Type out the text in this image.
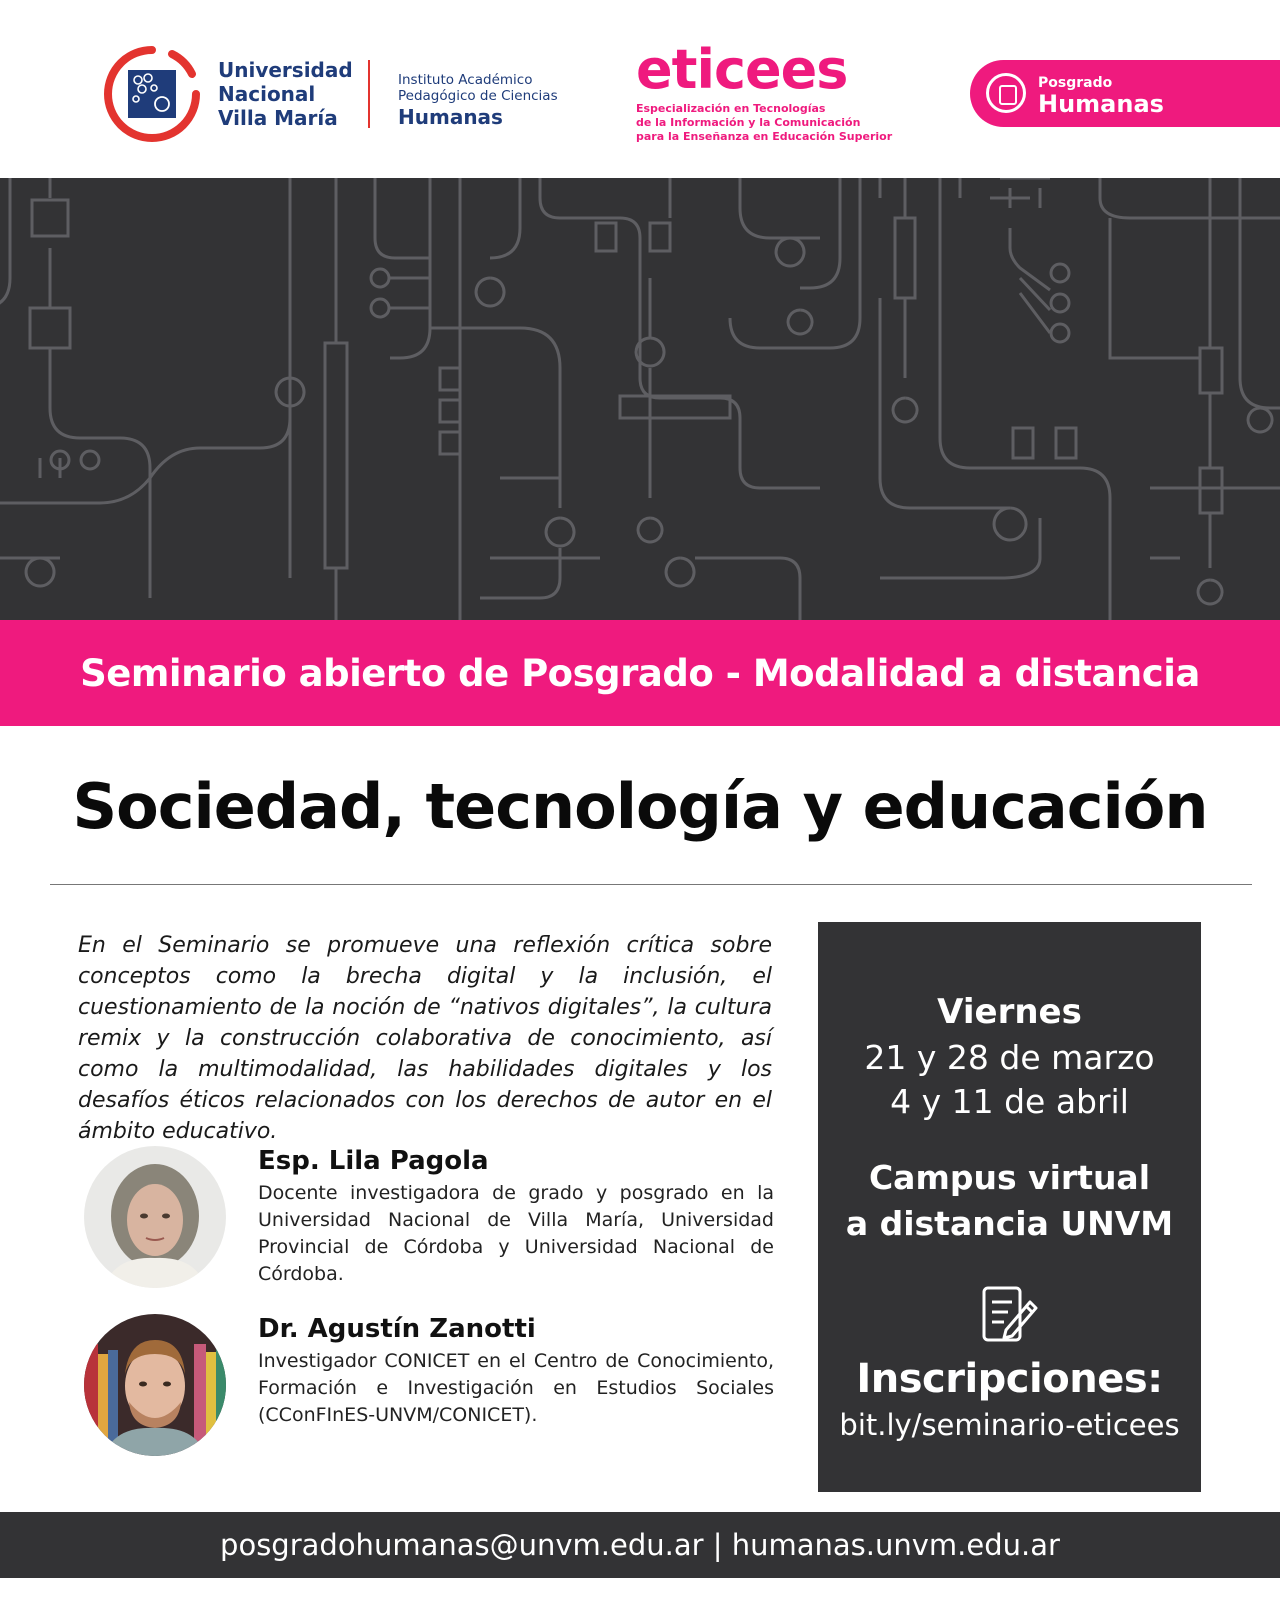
Universidad
Nacional
Villa María
Instituto Académico
Pedagógico de Ciencias
Humanas
eticees
Especialización en Tecnologías
de la Información y la Comunicación
para la Enseñanza en Educación Superior
Posgrado
Humanas
Seminario abierto de Posgrado - Modalidad a distancia
Sociedad, tecnología y educación

En el Seminario se promueve una reflexión crítica sobre conceptos como la brecha digital y la inclusión, el cuestionamiento de la noción de “nativos digitales”, la cultura remix y la construcción colaborativa de conocimiento, así como la multimodalidad, las habilidades digitales y los desafíos éticos relacionados con los derechos de autor en el ámbito educativo.

Esp. Lila Pagola
Docente investigadora de grado y posgrado en la Universidad Nacional de Villa María, Universidad Provincial de Córdoba y Universidad Nacional de Córdoba.
Dr. Agustín Zanotti
Investigador CONICET en el Centro de Conocimiento, Formación e Investigación en Estudios Sociales (CConFInES-UNVM/CONICET).
Viernes
21 y 28 de marzo
4 y 11 de abril
Campus virtual
a distancia UNVM
Inscripciones:
bit.ly/seminario-eticees
posgradohumanas@unvm.edu.ar | humanas.unvm.edu.ar
